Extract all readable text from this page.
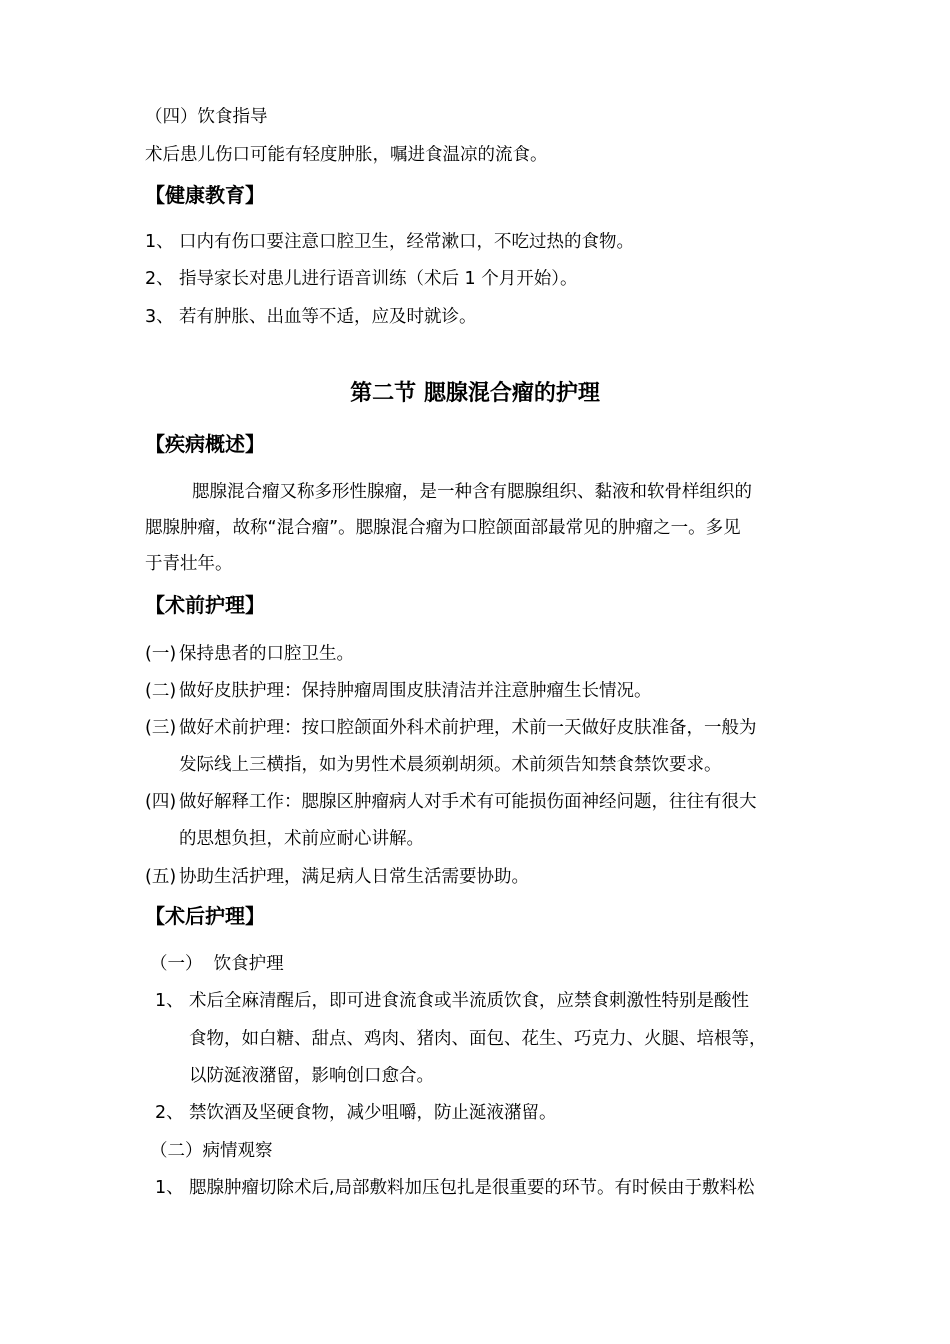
（四）饮食指导
术后患儿伤口可能有轻度肿胀，嘱进食温凉的流食。
【健康教育】
1、 口内有伤口要注意口腔卫生，经常漱口，不吃过热的食物。
2、 指导家长对患儿进行语音训练（术后 1 个月开始）。
3、 若有肿胀、出血等不适，应及时就诊。
第二节 腮腺混合瘤的护理
【疾病概述】
腮腺混合瘤又称多形性腺瘤，是一种含有腮腺组织、黏液和软骨样组织的
腮腺肿瘤，故称“混合瘤”。腮腺混合瘤为口腔颌面部最常见的肿瘤之一。多见
于青壮年。
【术前护理】
(一) 保持患者的口腔卫生。
(二) 做好皮肤护理：保持肿瘤周围皮肤清洁并注意肿瘤生长情况。
(三) 做好术前护理：按口腔颌面外科术前护理，术前一天做好皮肤准备，一般为
发际线上三横指，如为男性术晨须剃胡须。术前须告知禁食禁饮要求。
(四) 做好解释工作：腮腺区肿瘤病人对手术有可能损伤面神经问题，往往有很大
的思想负担，术前应耐心讲解。
(五) 协助生活护理，满足病人日常生活需要协助。
【术后护理】
（一）  饮食护理
1、 术后全麻清醒后，即可进食流食或半流质饮食，应禁食刺激性特别是酸性
食物，如白糖、甜点、鸡肉、猪肉、面包、花生、巧克力、火腿、培根等，
以防涎液潴留，影响创口愈合。
2、 禁饮酒及坚硬食物，减少咀嚼，防止涎液潴留。
（二）病情观察
1、 腮腺肿瘤切除术后,局部敷料加压包扎是很重要的环节。有时候由于敷料松
